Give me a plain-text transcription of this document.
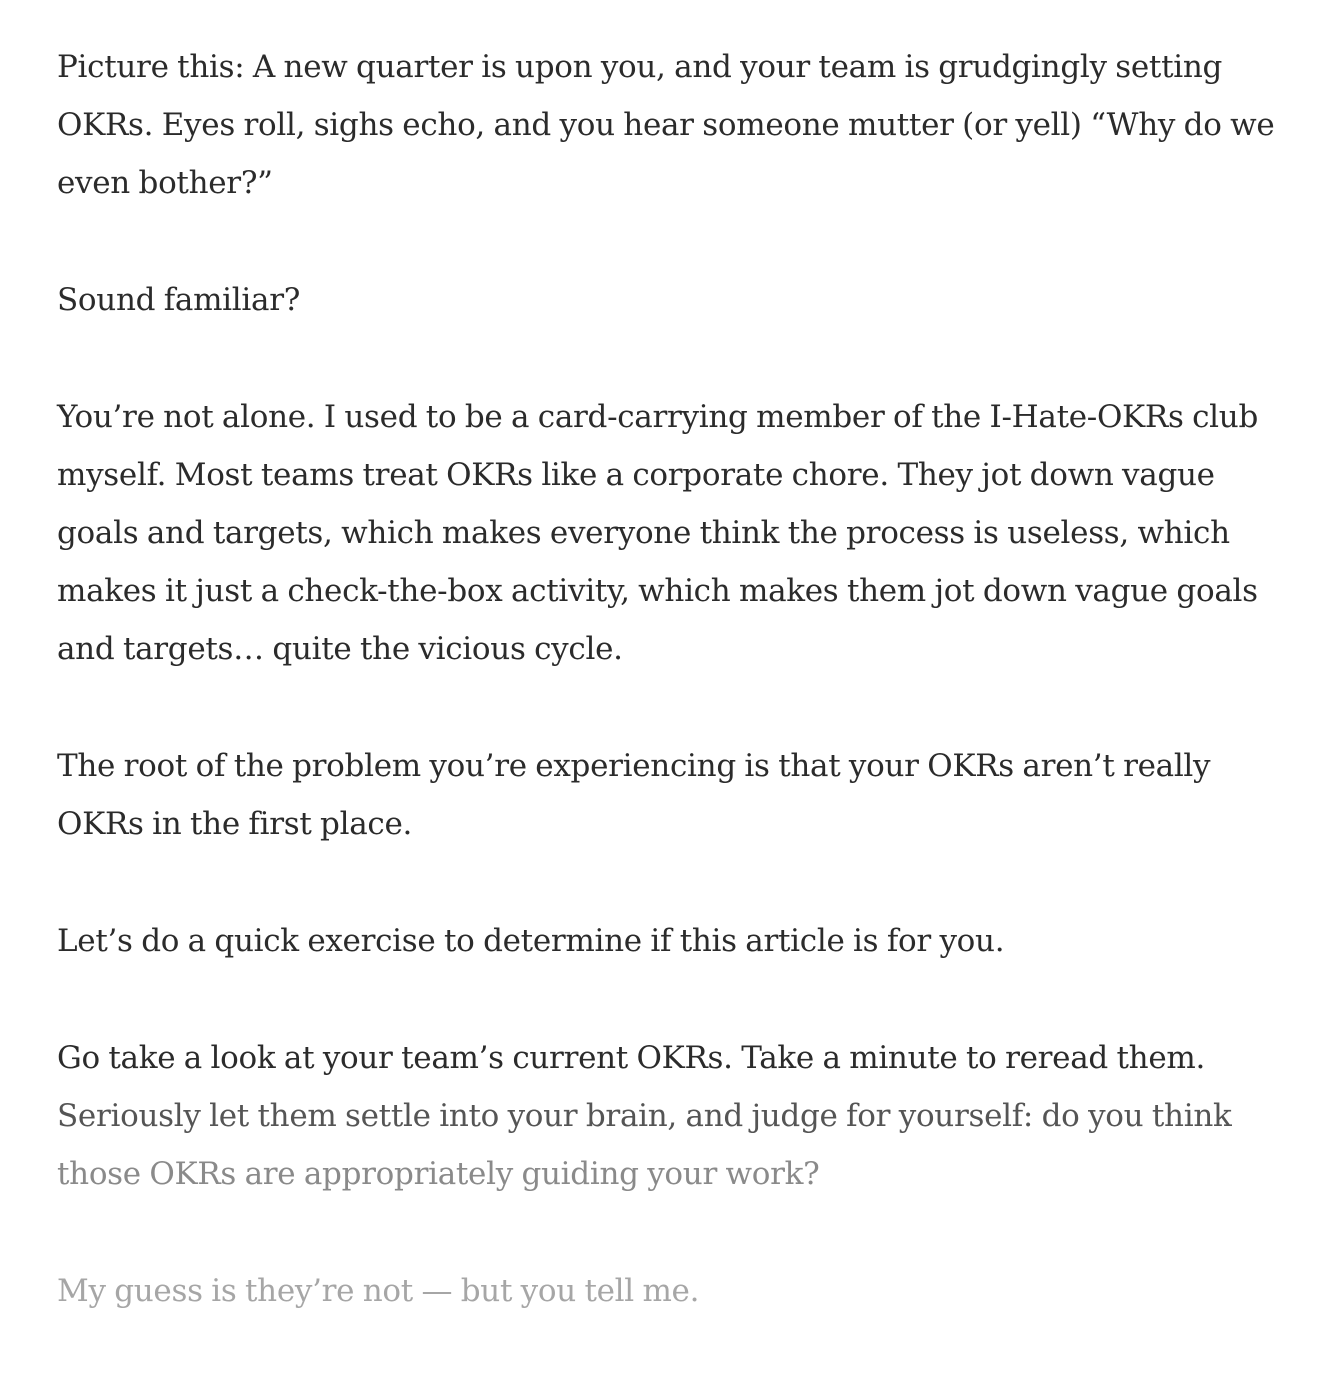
Picture this: A new quarter is upon you, and your team is grudgingly setting OKRs. Eyes roll, sighs echo, and you hear someone mutter (or yell) “Why do we even bother?”

Sound familiar?

You’re not alone. I used to be a card-carrying member of the I-Hate-OKRs club myself. Most teams treat OKRs like a corporate chore. They jot down vague goals and targets, which makes everyone think the process is useless, which makes it just a check-the-box activity, which makes them jot down vague goals and targets… quite the vicious cycle.

The root of the problem you’re experiencing is that your OKRs aren’t really OKRs in the first place.

Let’s do a quick exercise to determine if this article is for you.

Go take a look at your team’s current OKRs. Take a minute to reread them.
Seriously let them settle into your brain, and judge for yourself: do you think
those OKRs are appropriately guiding your work?

My guess is they’re not — but you tell me.
